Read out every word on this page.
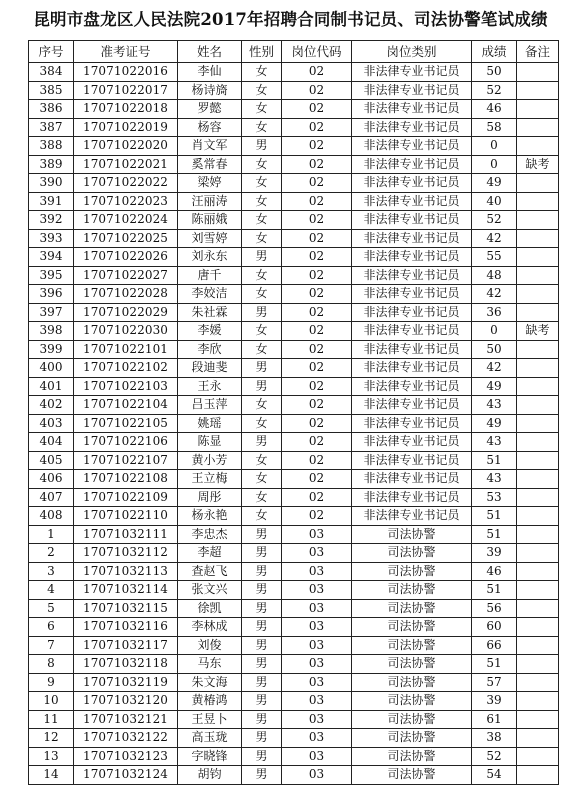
昆明市盘龙区人民法院2017年招聘合同制书记员、司法协警笔试成绩
序号	准考证号	姓名	性别	岗位代码	岗位类别	成绩	备注
384	17071022016	李仙	女	02	非法律专业书记员	50	
385	17071022017	杨诗旖	女	02	非法律专业书记员	52	
386	17071022018	罗懿	女	02	非法律专业书记员	46	
387	17071022019	杨容	女	02	非法律专业书记员	58	
388	17071022020	肖文军	男	02	非法律专业书记员	0	
389	17071022021	奚常春	女	02	非法律专业书记员	0	缺考
390	17071022022	梁婷	女	02	非法律专业书记员	49	
391	17071022023	汪丽涛	女	02	非法律专业书记员	40	
392	17071022024	陈丽娥	女	02	非法律专业书记员	52	
393	17071022025	刘雪婷	女	02	非法律专业书记员	42	
394	17071022026	刘永东	男	02	非法律专业书记员	55	
395	17071022027	唐千	女	02	非法律专业书记员	48	
396	17071022028	李姣洁	女	02	非法律专业书记员	42	
397	17071022029	朱社霖	男	02	非法律专业书记员	36	
398	17071022030	李媛	女	02	非法律专业书记员	0	缺考
399	17071022101	李欣	女	02	非法律专业书记员	50	
400	17071022102	段迪斐	男	02	非法律专业书记员	42	
401	17071022103	王永	男	02	非法律专业书记员	49	
402	17071022104	吕玉萍	女	02	非法律专业书记员	43	
403	17071022105	姚瑶	女	02	非法律专业书记员	49	
404	17071022106	陈显	男	02	非法律专业书记员	43	
405	17071022107	黄小芳	女	02	非法律专业书记员	51	
406	17071022108	王立梅	女	02	非法律专业书记员	43	
407	17071022109	周彤	女	02	非法律专业书记员	53	
408	17071022110	杨永艳	女	02	非法律专业书记员	51	
1	17071032111	李忠杰	男	03	司法协警	51	
2	17071032112	李超	男	03	司法协警	39	
3	17071032113	查赵飞	男	03	司法协警	46	
4	17071032114	张文兴	男	03	司法协警	51	
5	17071032115	徐凯	男	03	司法协警	56	
6	17071032116	李林成	男	03	司法协警	60	
7	17071032117	刘俊	男	03	司法协警	66	
8	17071032118	马东	男	03	司法协警	51	
9	17071032119	朱文海	男	03	司法协警	57	
10	17071032120	黄椿鸿	男	03	司法协警	39	
11	17071032121	王昱卜	男	03	司法协警	61	
12	17071032122	高玉珑	男	03	司法协警	38	
13	17071032123	字晓锋	男	03	司法协警	52	
14	17071032124	胡钧	男	03	司法协警	54	
